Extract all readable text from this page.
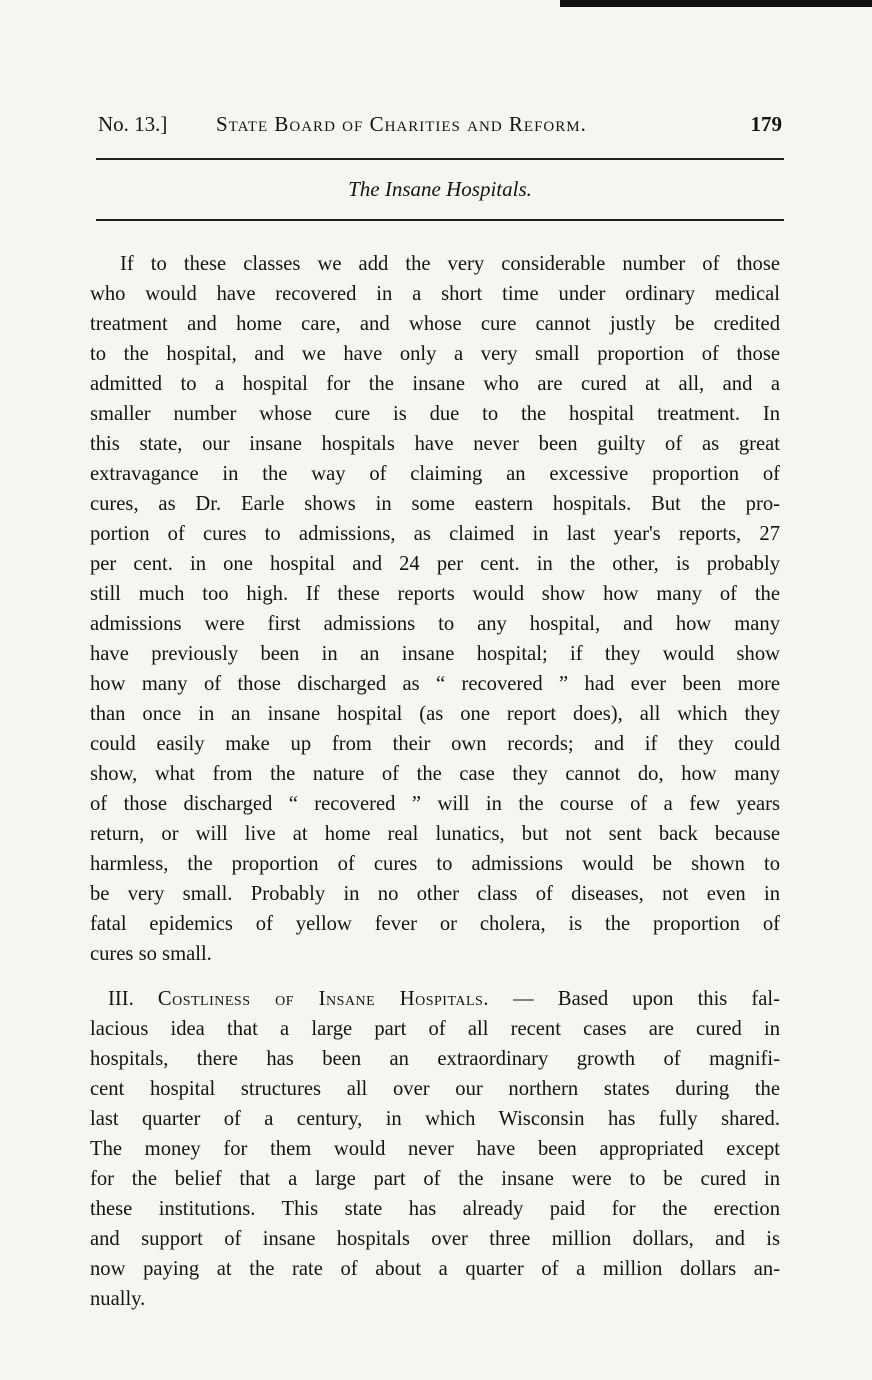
No. 13.] State Board of Charities and Reform.	179
The Insane Hospitals.
If to these classes we add the very considerable number of those
who would have recovered in a short time under ordinary medical
treatment and home care, and whose cure cannot justly be credited
to the hospital, and we have only a very small proportion of those
admitted to a hospital for the insane who are cured at all, and a
smaller number whose cure is due to the hospital treatment. In
this state, our insane hospitals have never been guilty of as great
extravagance in the way of claiming an excessive proportion of
cures, as Dr. Earle shows in some eastern hospitals. But the pro-
portion of cures to admissions, as claimed in last year's reports, 27
per cent. in one hospital and 24 per cent. in the other, is probably
still much too high. If these reports would show how many of the
admissions were first admissions to any hospital, and how many
have previously been in an insane hospital; if they would show
how many of those discharged as “ recovered ” had ever been more
than once in an insane hospital (as one report does), all which they
could easily make up from their own records; and if they could
show, what from the nature of the case they cannot do, how many
of those discharged “ recovered ” will in the course of a few years
return, or will live at home real lunatics, but not sent back because
harmless, the proportion of cures to admissions would be shown to
be very small. Probably in no other class of diseases, not even in
fatal epidemics of yellow fever or cholera, is the proportion of
cures so small.
III. Costliness of Insane Hospitals. — Based upon this fal-
lacious idea that a large part of all recent cases are cured in
hospitals, there has been an extraordinary growth of magnifi-
cent hospital structures all over our northern states during the
last quarter of a century, in which Wisconsin has fully shared.
The money for them would never have been appropriated except
for the belief that a large part of the insane were to be cured in
these institutions. This state has already paid for the erection
and support of insane hospitals over three million dollars, and is
now paying at the rate of about a quarter of a million dollars an-
nually.
